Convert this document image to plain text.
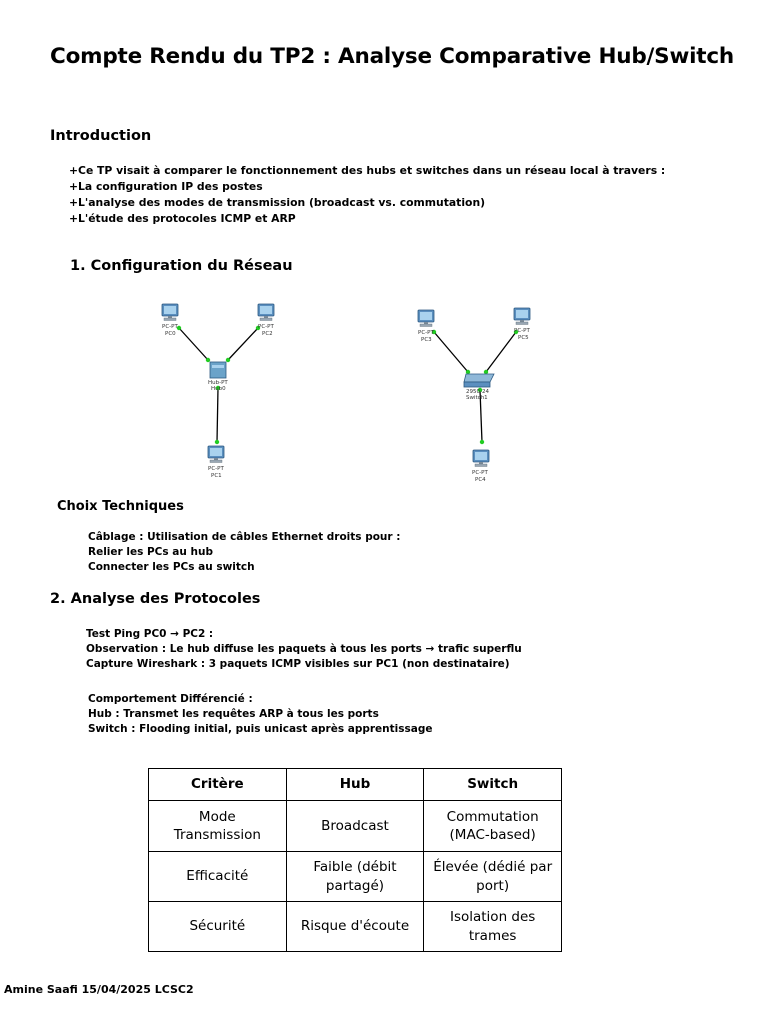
Compte Rendu du TP2 : Analyse Comparative Hub/Switch
Introduction
+Ce TP visait à comparer le fonctionnement des hubs et switches dans un réseau local à travers :
+La configuration IP des postes
+L'analyse des modes de transmission (broadcast vs. commutation)
+L'étude des protocoles ICMP et ARP
1. Configuration du Réseau
PC-PT
PC0
PC-PT
PC2
Hub-PT
Hub0
PC-PT
PC1
PC-PT
PC3
PC-PT
PC5
2950-24
Switch1
PC-PT
PC4
Choix Techniques
Câblage : Utilisation de câbles Ethernet droits pour :
Relier les PCs au hub
Connecter les PCs au switch
2. Analyse des Protocoles
Test Ping PC0 → PC2 :
Observation : Le hub diffuse les paquets à tous les ports → trafic superflu
Capture Wireshark : 3 paquets ICMP visibles sur PC1 (non destinataire)
Comportement Différencié :
Hub : Transmet les requêtes ARP à tous les ports
Switch : Flooding initial, puis unicast après apprentissage
Critère	Hub	Switch
Mode Transmission	Broadcast	Commutation (MAC-based)
Efficacité	Faible (débit partagé)	Élevée (dédié par port)
Sécurité	Risque d'écoute	Isolation des trames
Amine Saafi 15/04/2025 LCSC2
